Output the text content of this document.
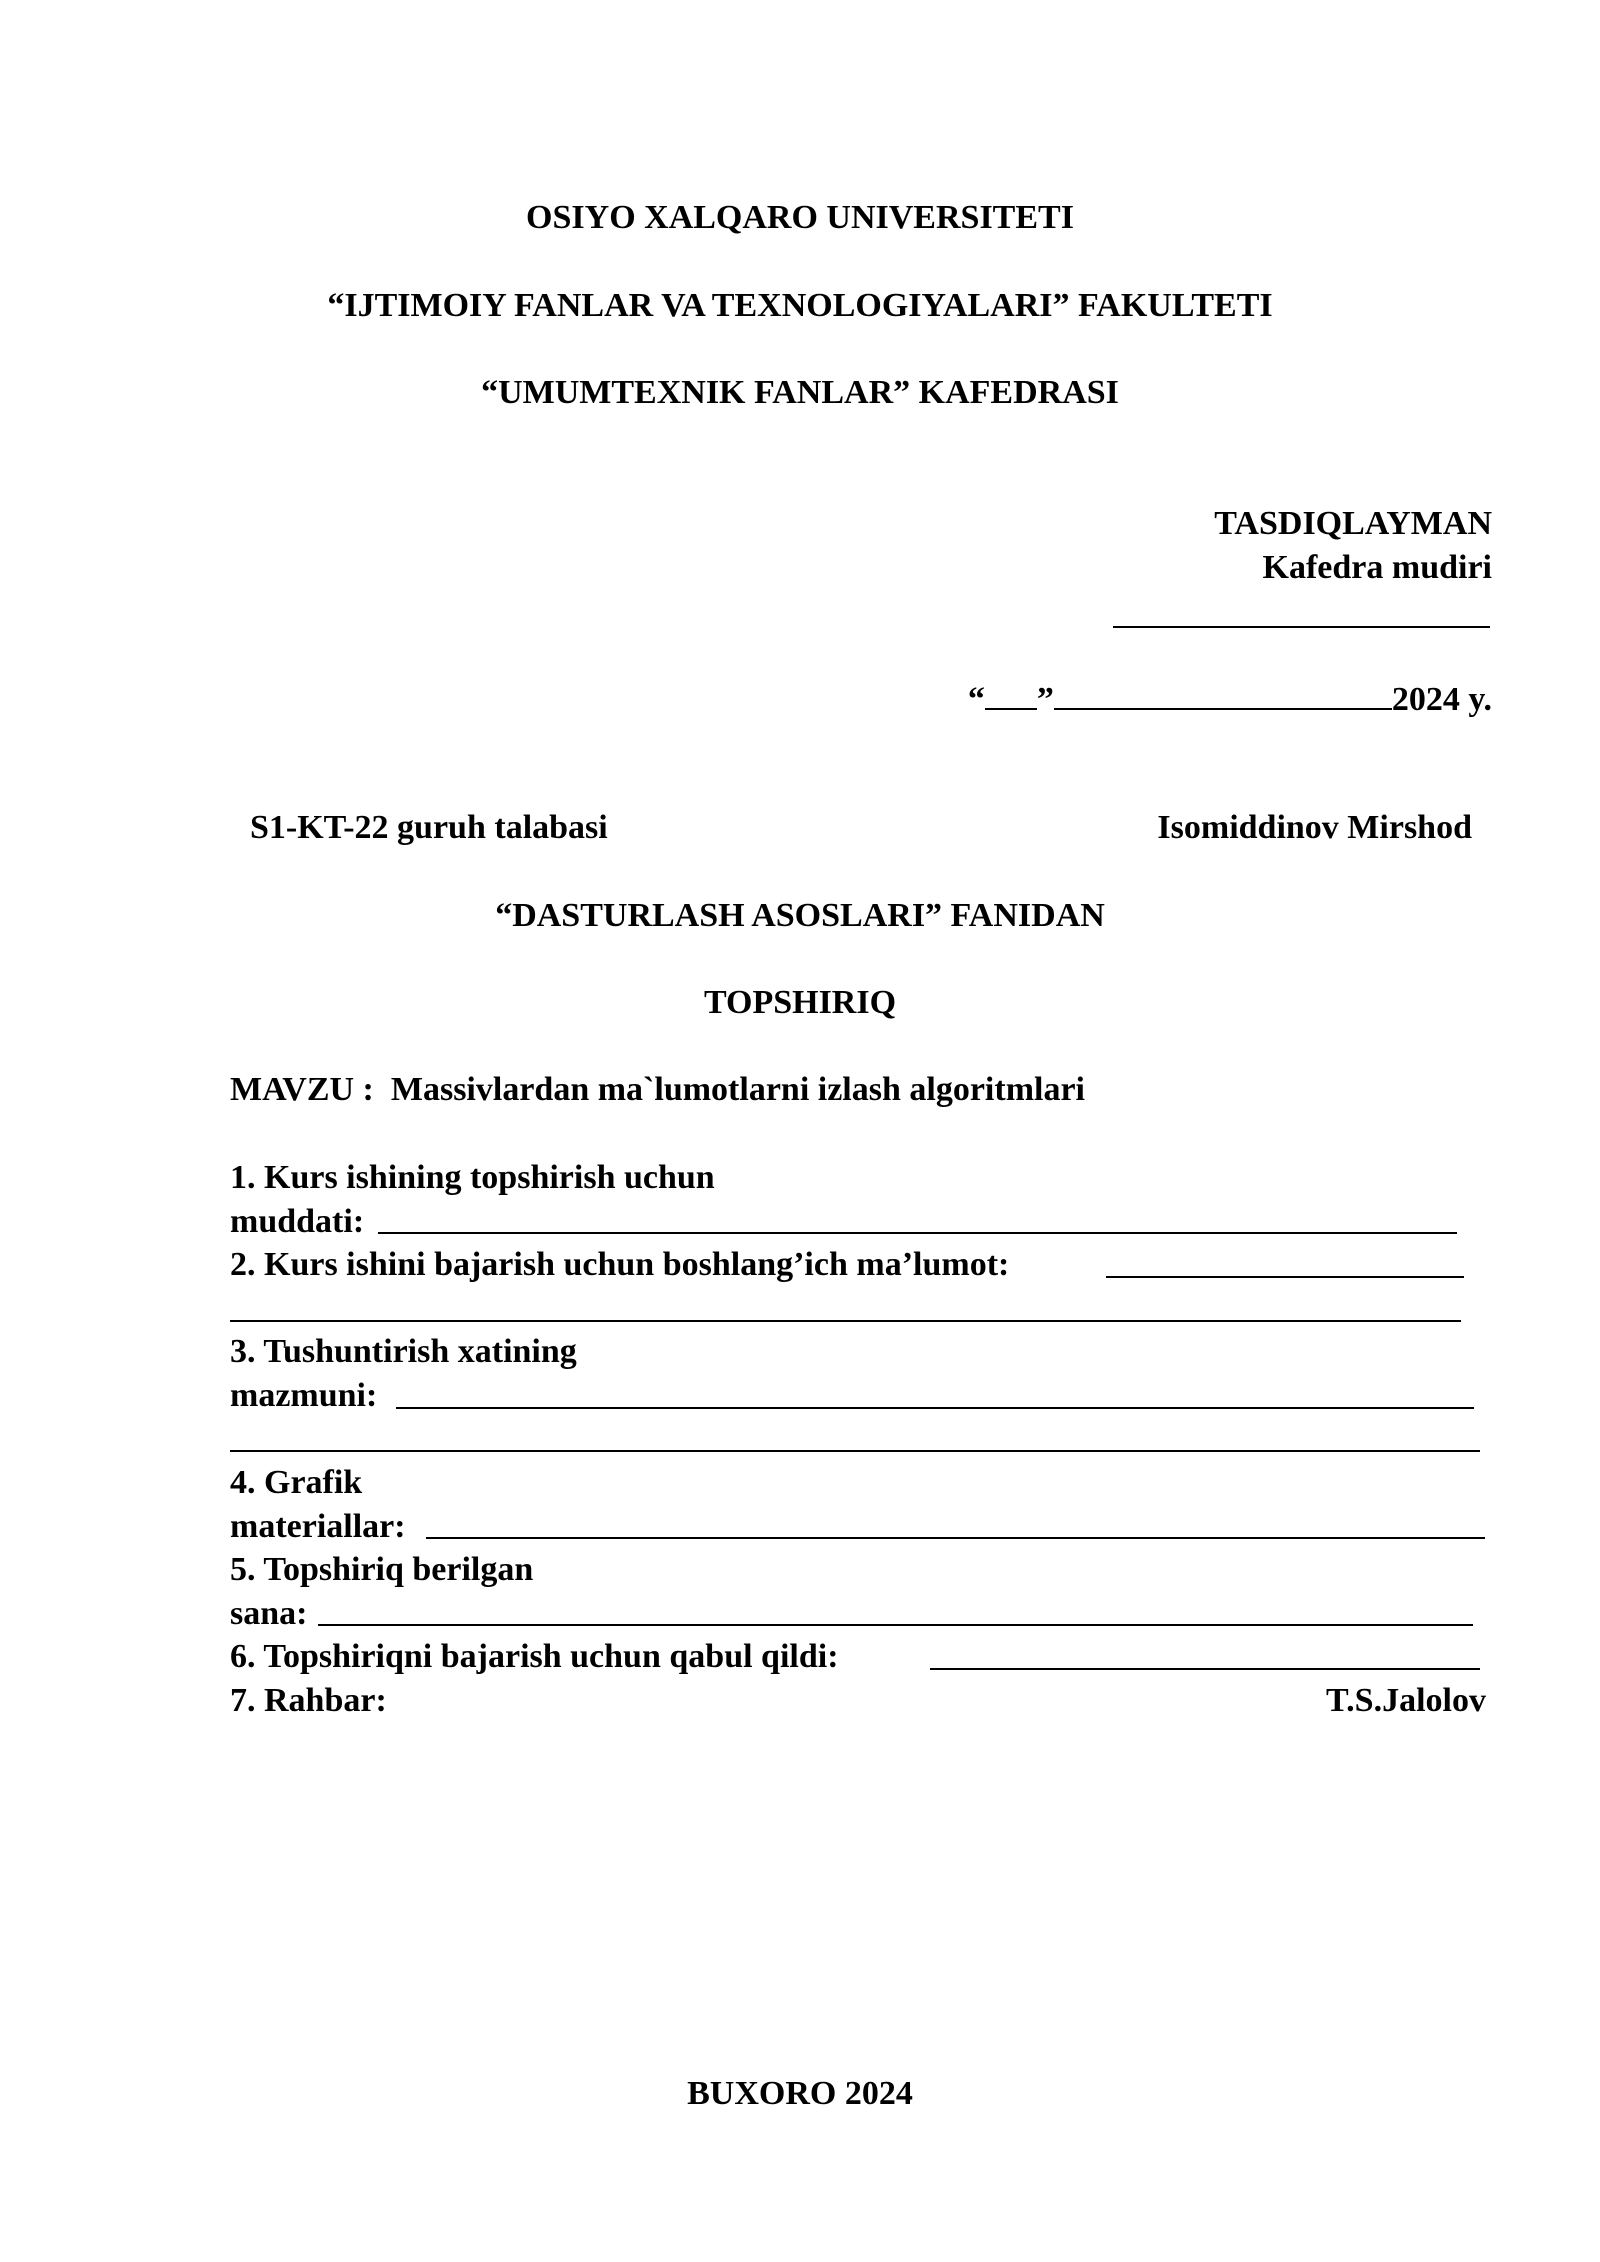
OSIYO XALQARO UNIVERSITETI
“IJTIMOIY FANLAR VA TEXNOLOGIYALARI” FAKULTETI
“UMUMTEXNIK FANLAR” KAFEDRASI
TASDIQLAYMAN
Kafedra mudiri
“ ”	2024 y.
S1-KT-22 guruh talabasi	Isomiddinov Mirshod
“DASTURLASH ASOSLARI” FANIDAN
TOPSHIRIQ
MAVZU : Massivlardan ma`lumotlarni izlash algoritmlari
1. Kurs ishining topshirish uchun
muddati:
2. Kurs ishini bajarish uchun boshlang’ich ma’lumot:
3. Tushuntirish xatining
mazmuni:
4. Grafik
materiallar:
5. Topshiriq berilgan
sana:
6. Topshiriqni bajarish uchun qabul qildi:
7. Rahbar:	T.S.Jalolov
BUXORO 2024
